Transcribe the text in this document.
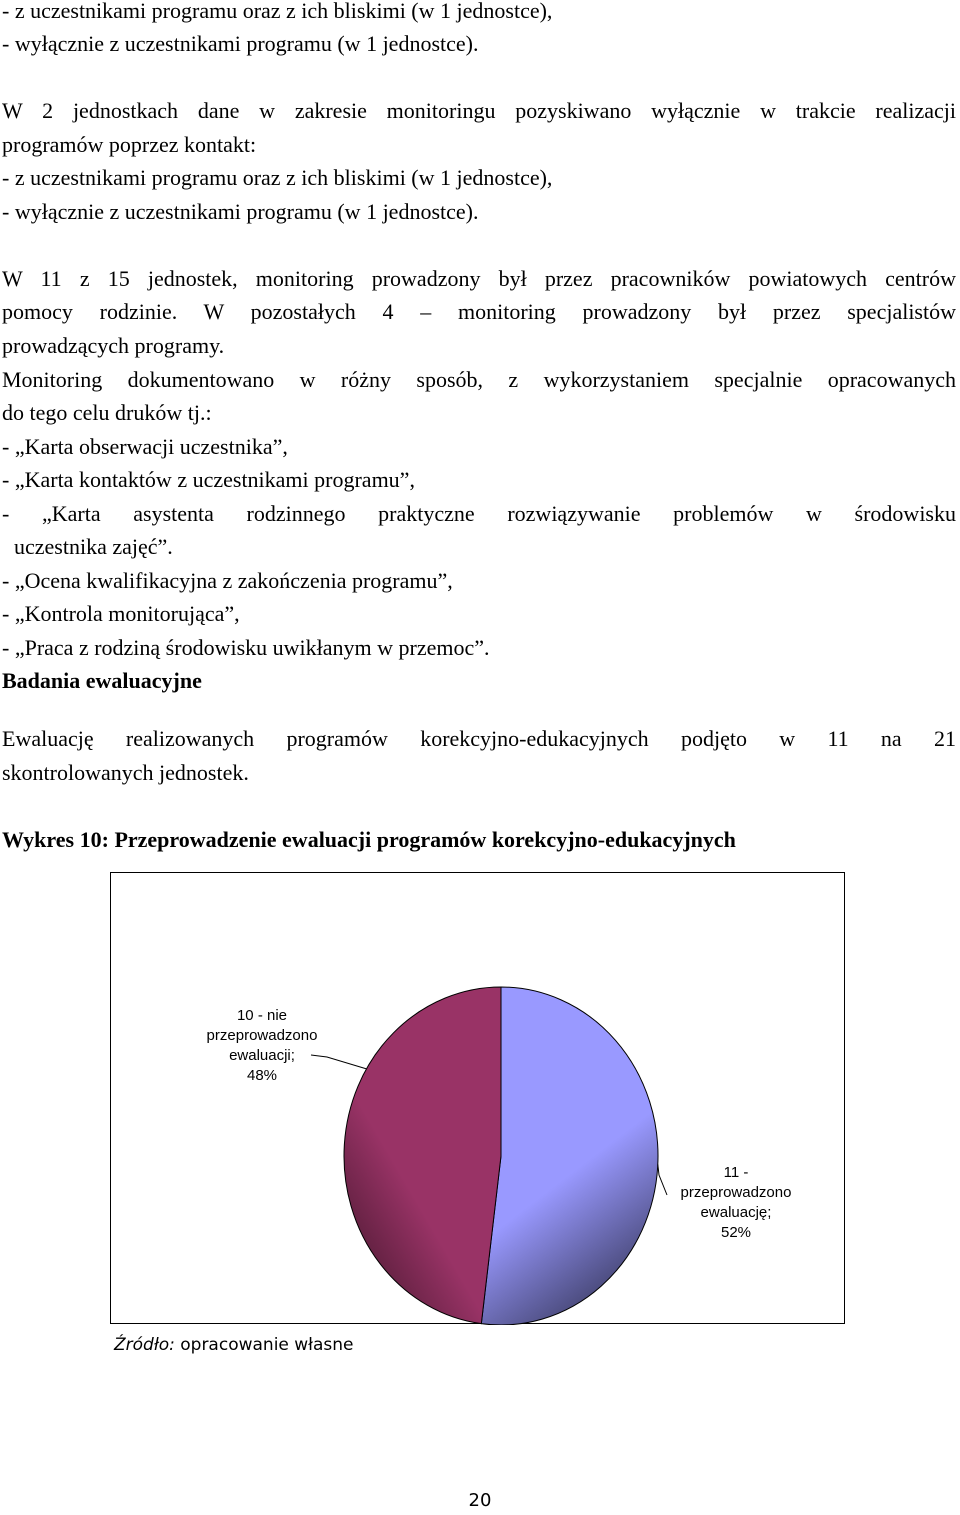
- z uczestnikami programu oraz z ich bliskimi (w 1 jednostce),
- wyłącznie z uczestnikami programu (w 1 jednostce).
W 2 jednostkach dane w zakresie monitoringu pozyskiwano wyłącznie w trakcie realizacji
programów poprzez kontakt:
- z uczestnikami programu oraz z ich bliskimi (w 1 jednostce),
- wyłącznie z uczestnikami programu (w 1 jednostce).
W 11 z 15 jednostek, monitoring prowadzony był przez pracowników powiatowych centrów
pomocy rodzinie. W pozostałych 4 – monitoring prowadzony był przez specjalistów
prowadzących programy.
Monitoring dokumentowano w różny sposób, z wykorzystaniem specjalnie opracowanych
do tego celu druków tj.:
- „Karta obserwacji uczestnika”,
- „Karta kontaktów z uczestnikami programu”,
- „Karta asystenta rodzinnego praktyczne rozwiązywanie problemów w środowisku
uczestnika zajęć”.
- „Ocena kwalifikacyjna z zakończenia programu”,
- „Kontrola monitorująca”,
- „Praca z rodziną środowisku uwikłanym w przemoc”.
Badania ewaluacyjne
Ewaluację realizowanych programów korekcyjno-edukacyjnych podjęto w 11 na 21
skontrolowanych jednostek.
Wykres 10: Przeprowadzenie ewaluacji programów korekcyjno-edukacyjnych
11 -
przeprowadzono
ewaluację;
52%
10 - nie
przeprowadzono
ewaluacji;
48%
Źródło: opracowanie własne
20
